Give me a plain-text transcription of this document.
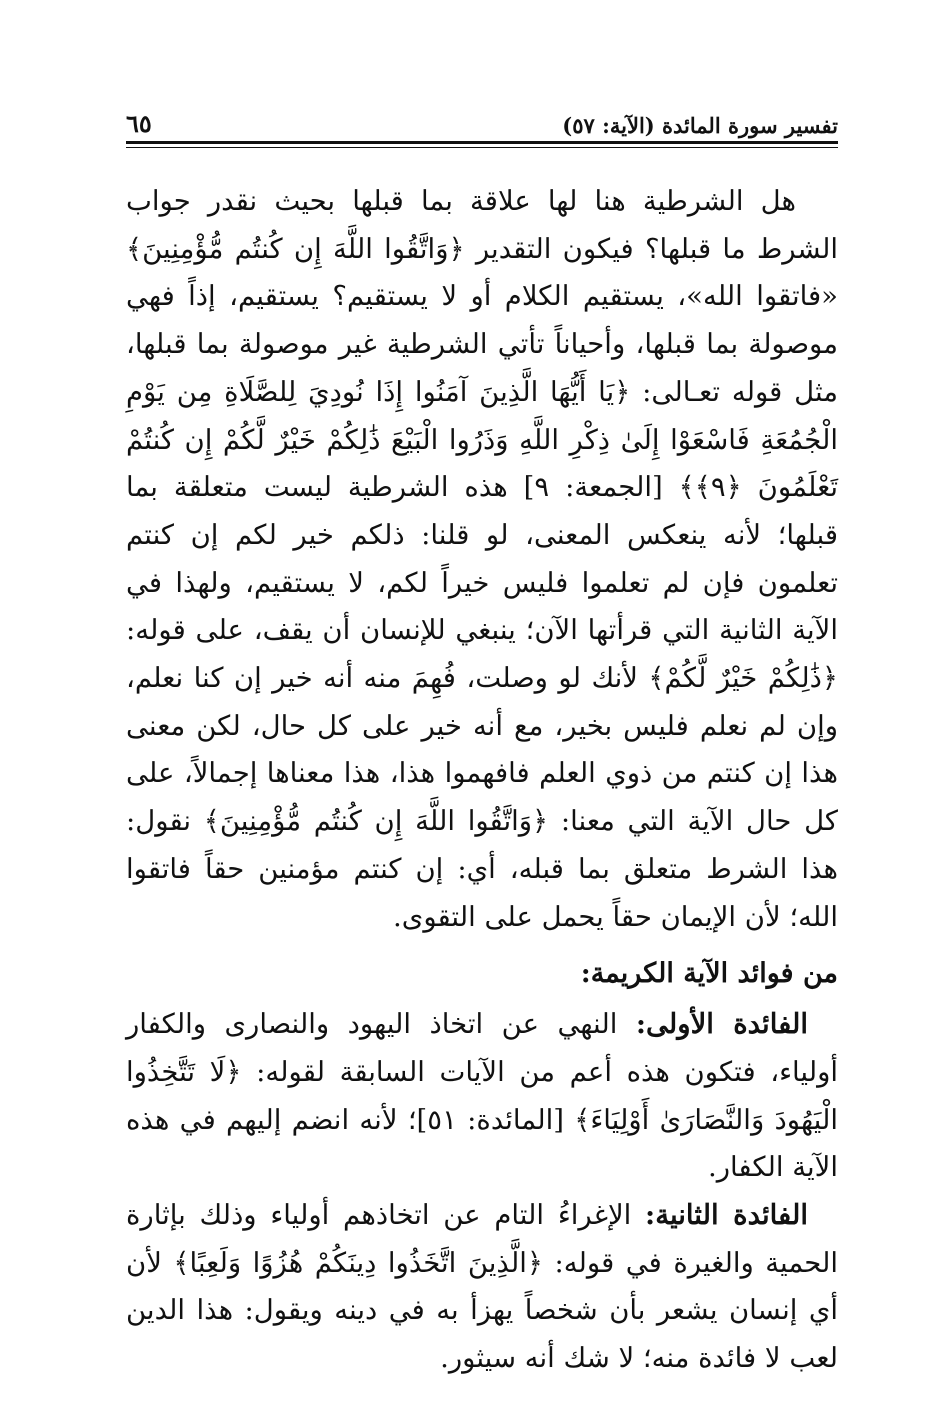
تفسير سورة المائدة (الآية: ٥٧)
٦٥

هل الشرطية هنا لها علاقة بما قبلها بحيث نقدر جواب الشرط ما قبلها؟ فيكون التقدير ﴿وَاتَّقُوا اللَّهَ إِن كُنتُم مُّؤْمِنِينَ﴾ «فاتقوا الله»، يستقيم الكلام أو لا يستقيم؟ يستقيم، إذاً فهي موصولة بما قبلها، وأحياناً تأتي الشرطية غير موصولة بما قبلها، مثل قوله تعـالى: ﴿يَا أَيُّهَا الَّذِينَ آمَنُوا إِذَا نُودِيَ لِلصَّلَاةِ مِن يَوْمِ الْجُمُعَةِ فَاسْعَوْا إِلَىٰ ذِكْرِ اللَّهِ وَذَرُوا الْبَيْعَ ذَٰلِكُمْ خَيْرٌ لَّكُمْ إِن كُنتُمْ تَعْلَمُونَ ﴿٩﴾﴾ [الجمعة: ٩] هذه الشرطية ليست متعلقة بما قبلها؛ لأنه ينعكس المعنى، لو قلنا: ذلكم خير لكم إن كنتم تعلمون فإن لم تعلموا فليس خيراً لكم، لا يستقيم، ولهذا في الآية الثانية التي قرأتها الآن؛ ينبغي للإنسان أن يقف، على قوله: ﴿ذَٰلِكُمْ خَيْرٌ لَّكُمْ﴾ لأنك لو وصلت، فُهِمَ منه أنه خير إن كنا نعلم، وإن لم نعلم فليس بخير، مع أنه خير على كل حال، لكن معنى هذا إن كنتم من ذوي العلم فافهموا هذا، هذا معناها إجمالاً، على كل حال الآية التي معنا: ﴿وَاتَّقُوا اللَّهَ إِن كُنتُم مُّؤْمِنِينَ﴾ نقول: هذا الشرط متعلق بما قبله، أي: إن كنتم مؤمنين حقاً فاتقوا الله؛ لأن الإيمان حقاً يحمل على التقوى.

من فوائد الآية الكريمة:

الفائدة الأولى: النهي عن اتخاذ اليهود والنصارى والكفار أولياء، فتكون هذه أعم من الآيات السابقة لقوله: ﴿لَا تَتَّخِذُوا الْيَهُودَ وَالنَّصَارَىٰ أَوْلِيَاءَ﴾ [المائدة: ٥١]؛ لأنه انضم إليهم في هذه الآية الكفار.

الفائدة الثانية: الإغراءُ التام عن اتخاذهم أولياء وذلك بإثارة الحمية والغيرة في قوله: ﴿الَّذِينَ اتَّخَذُوا دِينَكُمْ هُزُوًا وَلَعِبًا﴾ لأن أي إنسان يشعر بأن شخصاً يهزأ به في دينه ويقول: هذا الدين لعب لا فائدة منه؛ لا شك أنه سيثور.
